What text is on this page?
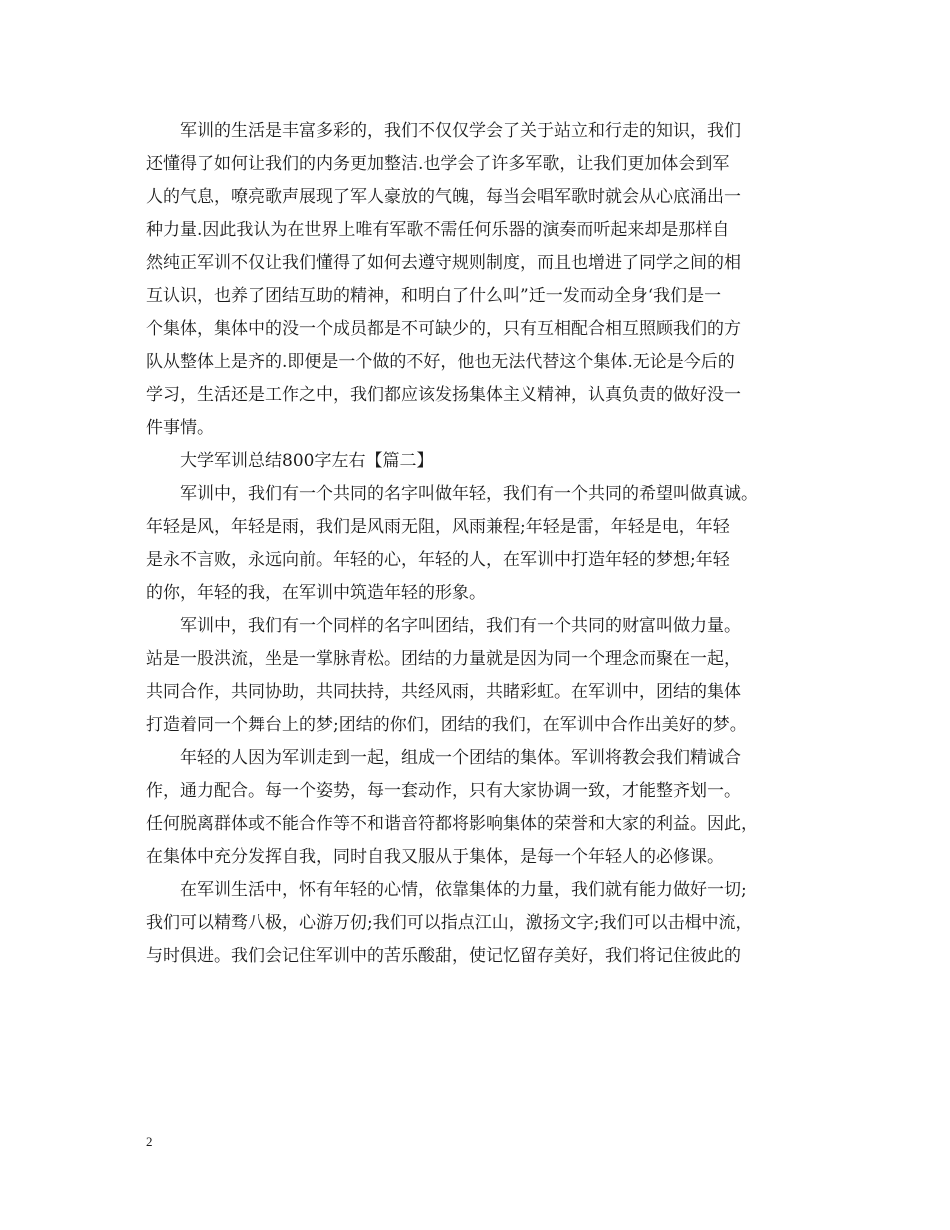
　　军训的生活是丰富多彩的，我们不仅仅学会了关于站立和行走的知识，我们
还懂得了如何让我们的内务更加整洁.也学会了许多军歌，让我们更加体会到军
人的气息，嘹亮歌声展现了军人豪放的气魄，每当会唱军歌时就会从心底涌出一
种力量.因此我认为在世界上唯有军歌不需任何乐器的演奏而听起来却是那样自
然纯正军训不仅让我们懂得了如何去遵守规则制度，而且也增进了同学之间的相
互认识，也养了团结互助的精神，和明白了什么叫”迁一发而动全身‘我们是一
个集体，集体中的没一个成员都是不可缺少的，只有互相配合相互照顾我们的方
队从整体上是齐的.即便是一个做的不好，他也无法代替这个集体.无论是今后的
学习，生活还是工作之中，我们都应该发扬集体主义精神，认真负责的做好没一
件事情。
　　大学军训总结800字左右【篇二】
　　军训中，我们有一个共同的名字叫做年轻，我们有一个共同的希望叫做真诚。
年轻是风，年轻是雨，我们是风雨无阻，风雨兼程;年轻是雷，年轻是电，年轻
是永不言败，永远向前。年轻的心，年轻的人，在军训中打造年轻的梦想;年轻
的你，年轻的我，在军训中筑造年轻的形象。
　　军训中，我们有一个同样的名字叫团结，我们有一个共同的财富叫做力量。
站是一股洪流，坐是一掌脉青松。团结的力量就是因为同一个理念而聚在一起，
共同合作，共同协助，共同扶持，共经风雨，共睹彩虹。在军训中，团结的集体
打造着同一个舞台上的梦;团结的你们，团结的我们，在军训中合作出美好的梦。
　　年轻的人因为军训走到一起，组成一个团结的集体。军训将教会我们精诚合
作，通力配合。每一个姿势，每一套动作，只有大家协调一致，才能整齐划一。
任何脱离群体或不能合作等不和谐音符都将影响集体的荣誉和大家的利益。因此，
在集体中充分发挥自我，同时自我又服从于集体，是每一个年轻人的必修课。
　　在军训生活中，怀有年轻的心情，依靠集体的力量，我们就有能力做好一切;
我们可以精骛八极，心游万仞;我们可以指点江山，激扬文字;我们可以击楫中流，
与时俱进。我们会记住军训中的苦乐酸甜，使记忆留存美好，我们将记住彼此的
2
